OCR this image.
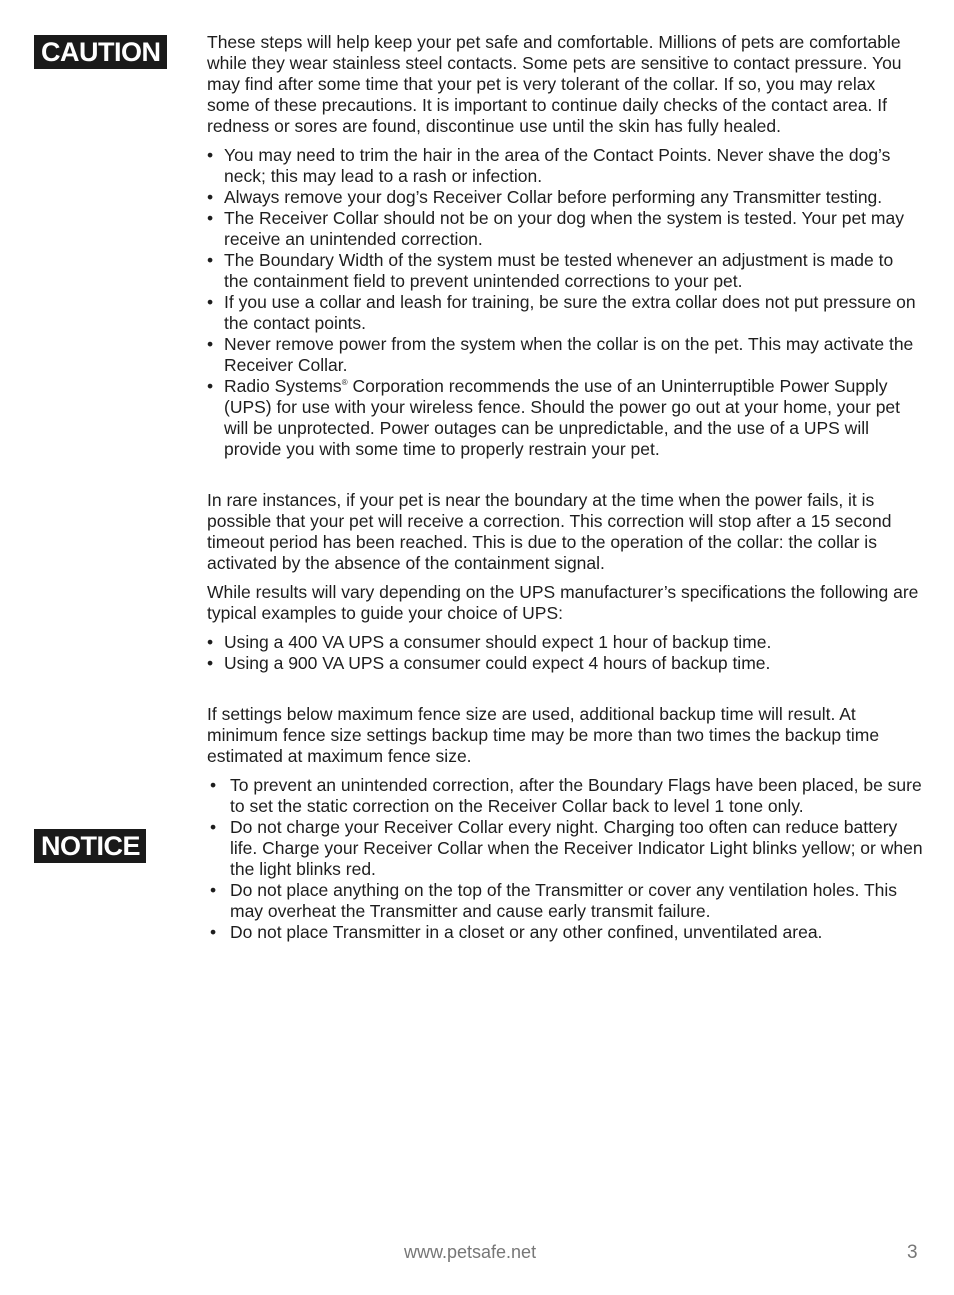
CAUTION	These steps will help keep your pet safe and comfortable. Millions of pets are comfortable while they wear stainless steel contacts. Some pets are sensitive to contact pressure. You may find after some time that your pet is very tolerant of the collar. If so, you may relax some of these precautions. It is important to continue daily checks of the contact area. If redness or sores are found, discontinue use until the skin has fully healed.

• You may need to trim the hair in the area of the Contact Points. Never shave the dog’s neck; this may lead to a rash or infection.
• Always remove your dog’s Receiver Collar before performing any Transmitter testing.
• The Receiver Collar should not be on your dog when the system is tested. Your pet may receive an unintended correction.
• The Boundary Width of the system must be tested whenever an adjustment is made to the containment field to prevent unintended corrections to your pet.
• If you use a collar and leash for training, be sure the extra collar does not put pressure on the contact points.
• Never remove power from the system when the collar is on the pet. This may activate the Receiver Collar.
• Radio Systems® Corporation recommends the use of an Uninterruptible Power Supply (UPS) for use with your wireless fence. Should the power go out at your home, your pet will be unprotected. Power outages can be unpredictable, and the use of a UPS will provide you with some time to properly restrain your pet.

In rare instances, if your pet is near the boundary at the time when the power fails, it is possible that your pet will receive a correction. This correction will stop after a 15 second timeout period has been reached. This is due to the operation of the collar: the collar is activated by the absence of the containment signal.

While results will vary depending on the UPS manufacturer’s specifications the following are typical examples to guide your choice of UPS:

• Using a 400 VA UPS a consumer should expect 1 hour of backup time.
• Using a 900 VA UPS a consumer could expect 4 hours of backup time.

If settings below maximum fence size are used, additional backup time will result. At minimum fence size settings backup time may be more than two times the backup time estimated at maximum fence size.

• To prevent an unintended correction, after the Boundary Flags have been placed, be sure to set the static correction on the Receiver Collar back to level 1 tone only.
• Do not charge your Receiver Collar every night. Charging too often can reduce battery life. Charge your Receiver Collar when the Receiver Indicator Light blinks yellow; or when the light blinks red.
• Do not place anything on the top of the Transmitter or cover any ventilation holes. This may overheat the Transmitter and cause early transmit failure.
• Do not place Transmitter in a closet or any other confined, unventilated area.
NOTICE
www.petsafe.net	3
